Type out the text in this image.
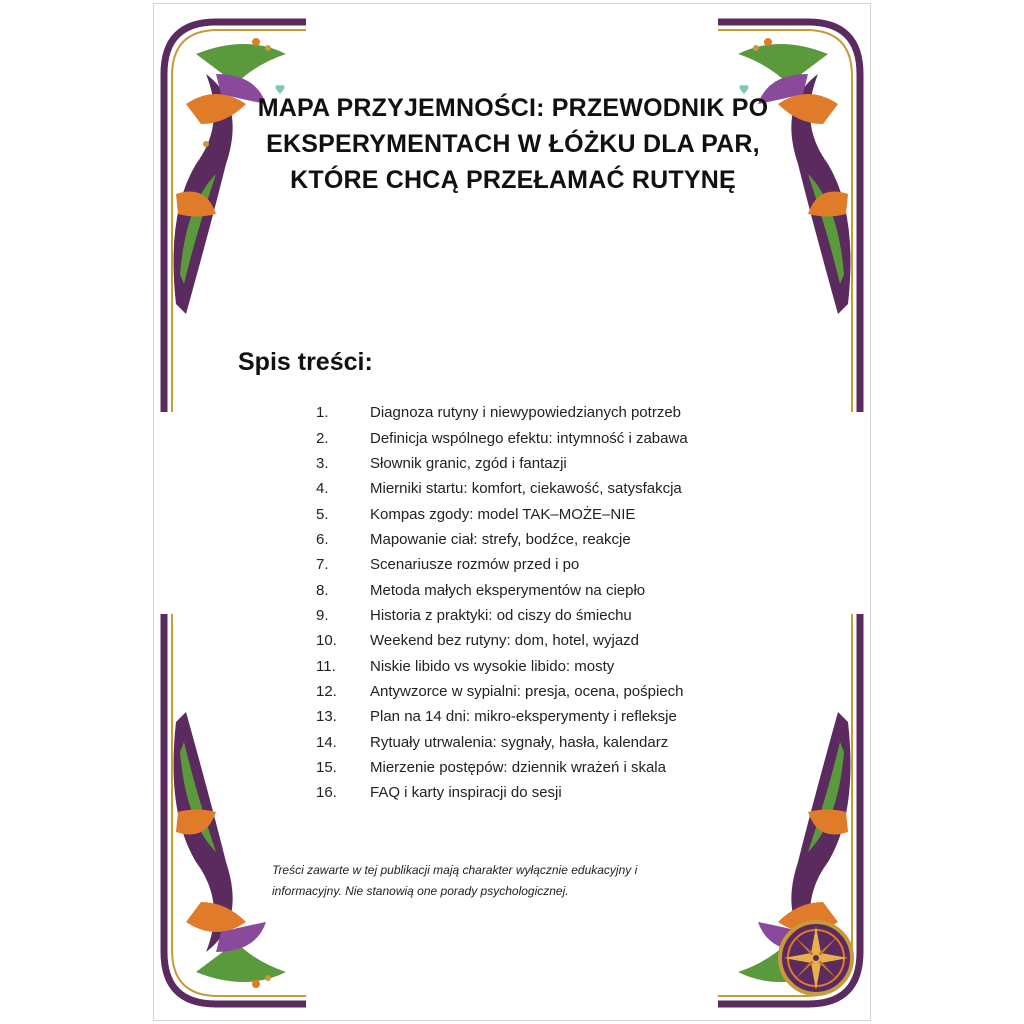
MAPA PRZYJEMNOŚCI: PRZEWODNIK PO
EKSPERYMENTACH W ŁÓŻKU DLA PAR,
KTÓRE CHCĄ PRZEŁAMAĆ RUTYNĘ
Spis treści:
1.	Diagnoza rutyny i niewypowiedzianych potrzeb
2.	Definicja wspólnego efektu: intymność i zabawa
3.	Słownik granic, zgód i fantazji
4.	Mierniki startu: komfort, ciekawość, satysfakcja
5.	Kompas zgody: model TAK–MOŻE–NIE
6.	Mapowanie ciał: strefy, bodźce, reakcje
7.	Scenariusze rozmów przed i po
8.	Metoda małych eksperymentów na ciepło
9.	Historia z praktyki: od ciszy do śmiechu
10.	Weekend bez rutyny: dom, hotel, wyjazd
11.	Niskie libido vs wysokie libido: mosty
12.	Antywzorce w sypialni: presja, ocena, pośpiech
13.	Plan na 14 dni: mikro-eksperymenty i refleksje
14.	Rytuały utrwalenia: sygnały, hasła, kalendarz
15.	Mierzenie postępów: dziennik wrażeń i skala
16.	FAQ i karty inspiracji do sesji
Treści zawarte w tej publikacji mają charakter wyłącznie edukacyjny i
informacyjny. Nie stanowią one porady psychologicznej.
